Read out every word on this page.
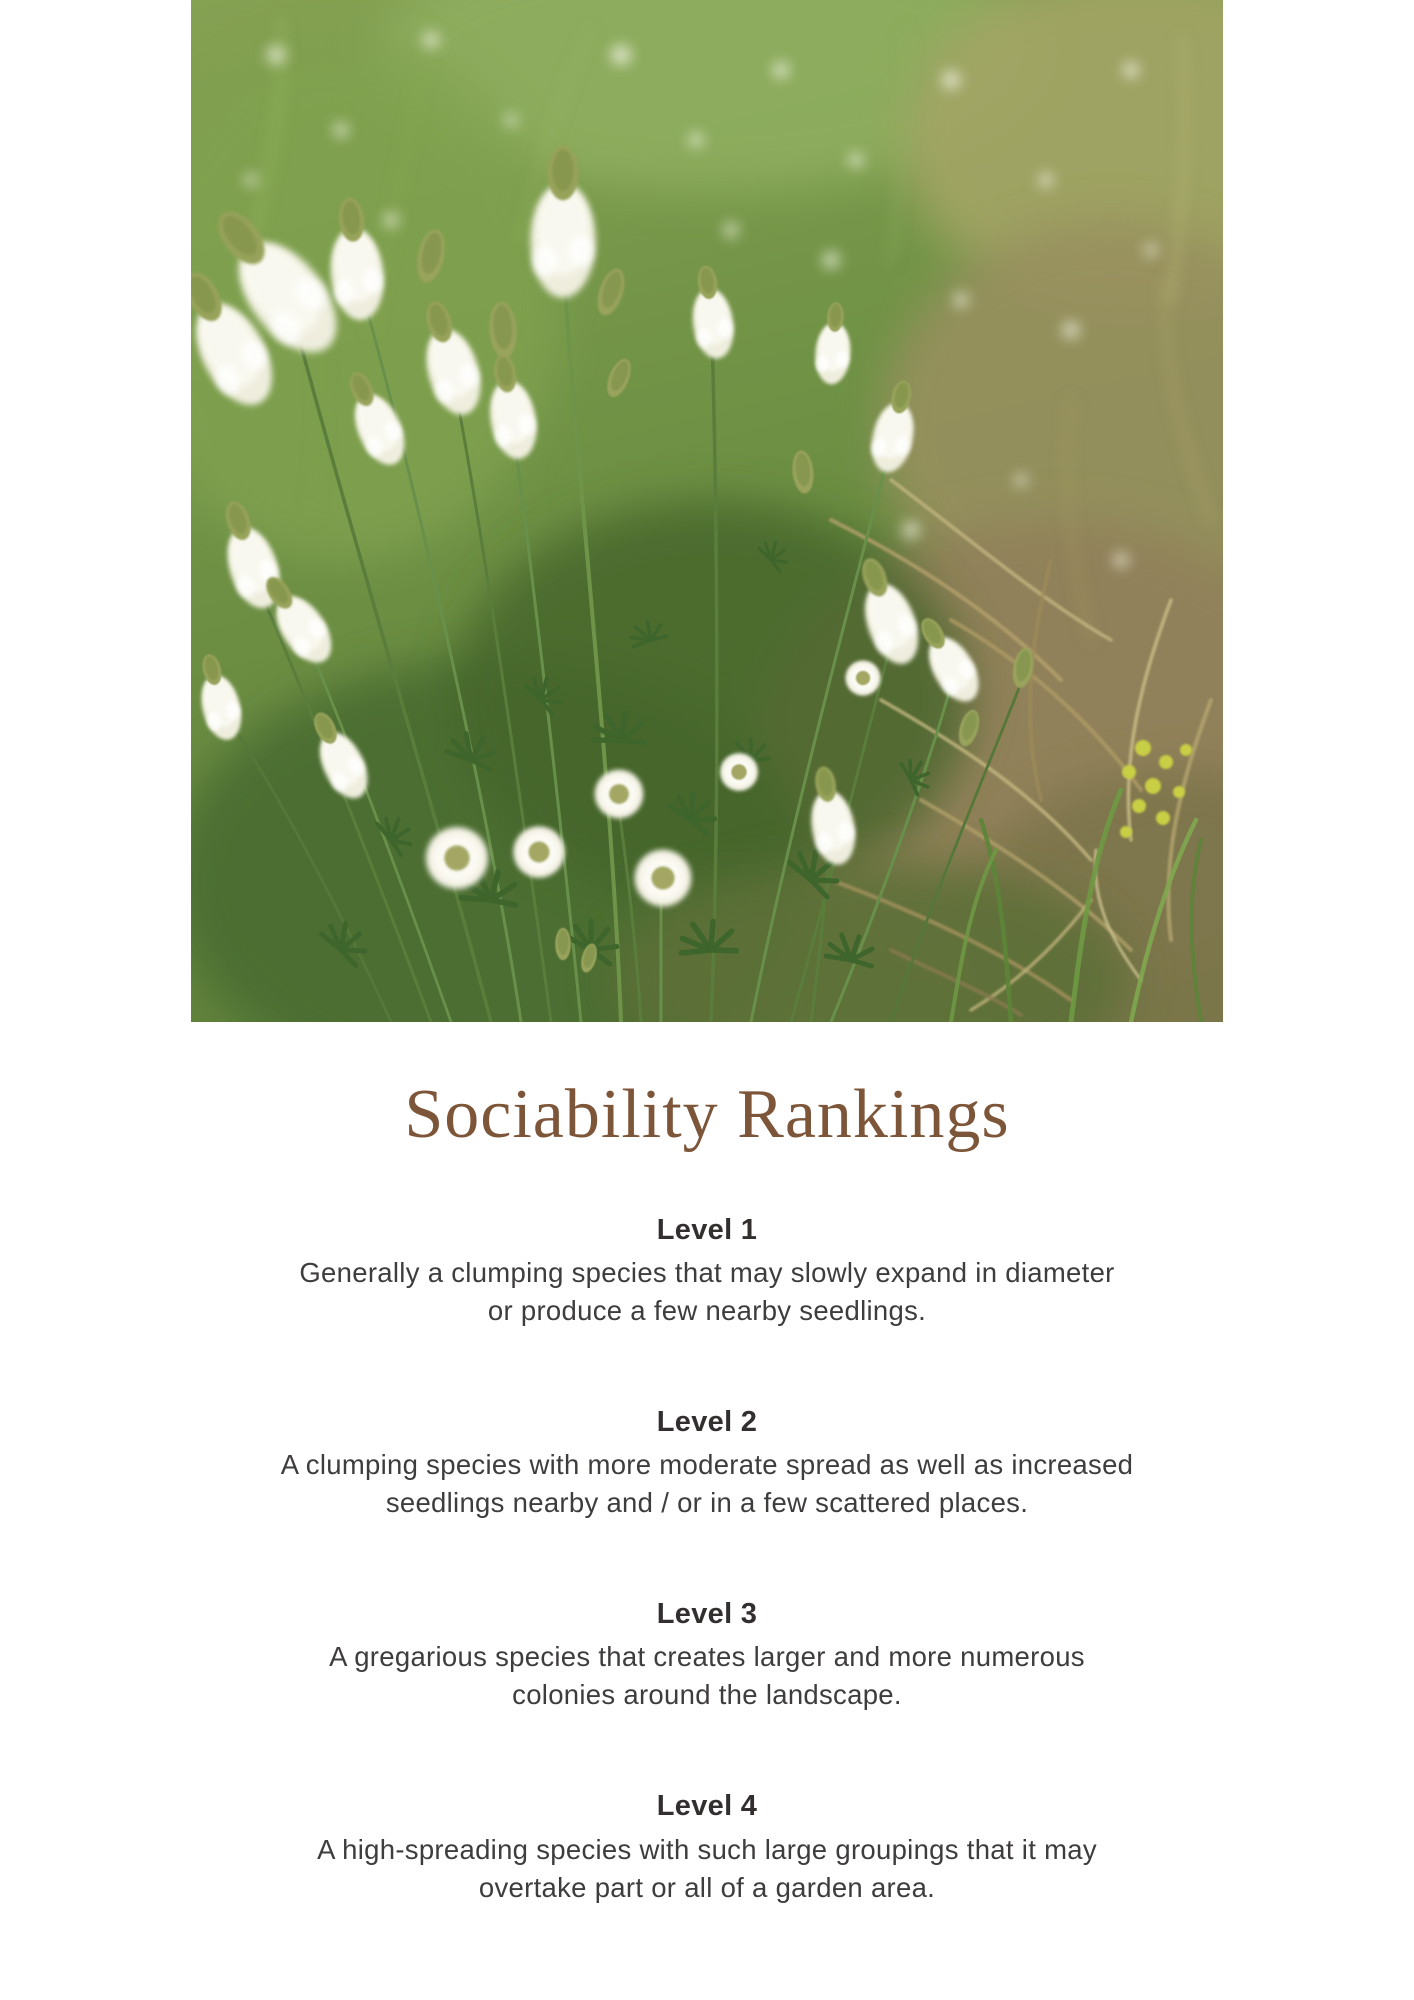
Sociability Rankings
Level 1

Generally a clumping species that may slowly expand in diameter
or produce a few nearby seedlings.

Level 2

A clumping species with more moderate spread as well as increased
seedlings nearby and / or in a few scattered places.

Level 3

A gregarious species that creates larger and more numerous
colonies around the landscape.

Level 4

A high-spreading species with such large groupings that it may
overtake part or all of a garden area.
